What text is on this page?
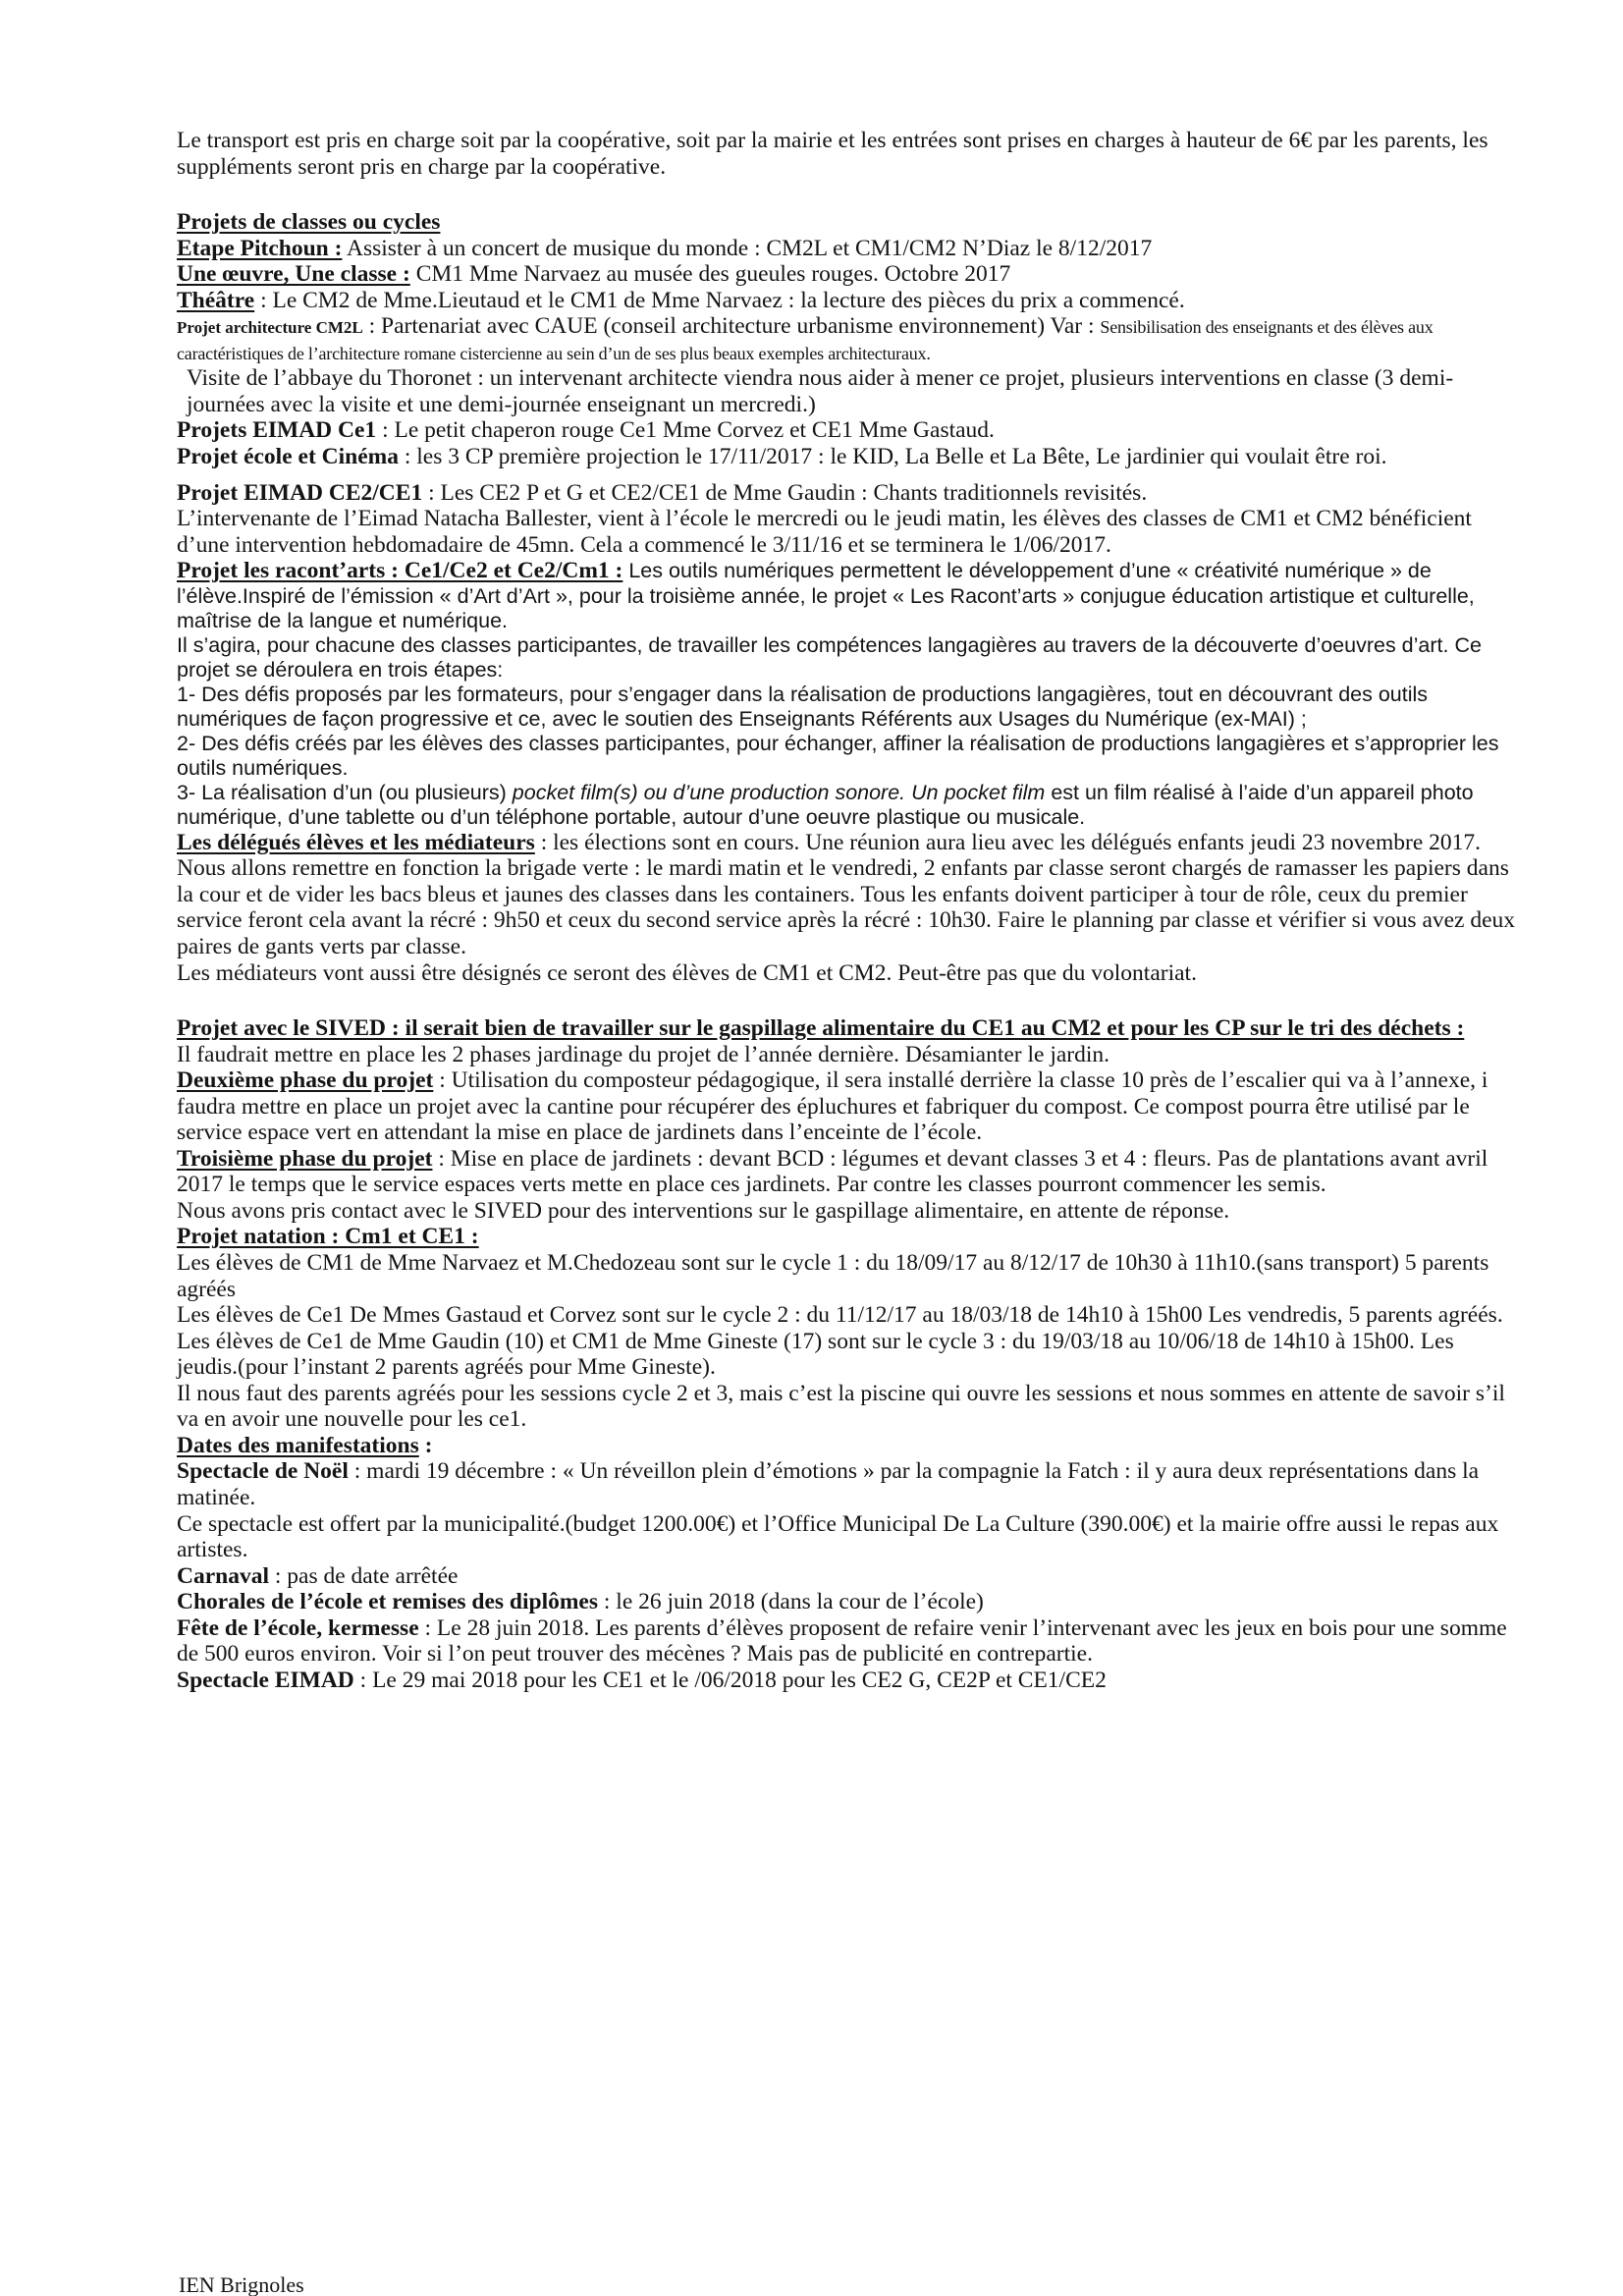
Le transport est pris en charge soit par la coopérative, soit par la mairie et les entrées sont prises en charges à hauteur de 6€ par les parents, les suppléments seront pris en charge par la coopérative.

Projets de classes ou cycles

Etape Pitchoun : Assister à un concert de musique du monde : CM2L et CM1/CM2 N’Diaz le 8/12/2017

Une œuvre, Une classe : CM1 Mme Narvaez au musée des gueules rouges. Octobre 2017

Théâtre : Le CM2 de Mme.Lieutaud et le CM1 de Mme Narvaez : la lecture des pièces du prix a commencé.

Projet architecture CM2L : Partenariat avec CAUE (conseil architecture urbanisme environnement) Var : Sensibilisation des enseignants et des élèves aux caractéristiques de l’architecture romane cistercienne au sein d’un de ses plus beaux exemples architecturaux.

Visite de l’abbaye du Thoronet : un intervenant architecte viendra nous aider à mener ce projet, plusieurs interventions en classe (3 demi-journées avec la visite et une demi-journée enseignant un mercredi.)

Projets EIMAD Ce1 : Le petit chaperon rouge Ce1 Mme Corvez et CE1 Mme Gastaud.

Projet école et Cinéma : les 3 CP première projection le 17/11/2017 : le KID, La Belle et La Bête, Le jardinier qui voulait être roi.

Projet EIMAD CE2/CE1 : Les CE2 P et G et CE2/CE1 de Mme Gaudin : Chants traditionnels revisités.

L’intervenante de l’Eimad Natacha Ballester, vient à l’école le mercredi ou le jeudi matin, les élèves des classes de CM1 et CM2 bénéficient d’une intervention hebdomadaire de 45mn. Cela a commencé le 3/11/16 et se terminera le 1/06/2017.

Projet les racont’arts : Ce1/Ce2 et Ce2/Cm1 : Les outils numériques permettent le développement d’une « créativité numérique » de l’élève.Inspiré de l’émission « d’Art d’Art », pour la troisième année, le projet « Les Racont’arts » conjugue éducation artistique et culturelle, maîtrise de la langue et numérique.

Il s’agira, pour chacune des classes participantes, de travailler les compétences langagières au travers de la découverte d’oeuvres d’art. Ce projet se déroulera en trois étapes:

1- Des défis proposés par les formateurs, pour s’engager dans la réalisation de productions langagières, tout en découvrant des outils numériques de façon progressive et ce, avec le soutien des Enseignants Référents aux Usages du Numérique (ex-MAI) ;

2- Des défis créés par les élèves des classes participantes, pour échanger, affiner la réalisation de productions langagières et s’approprier les outils numériques.

3- La réalisation d’un (ou plusieurs) pocket film(s) ou d’une production sonore. Un pocket film est un film réalisé à l’aide d’un appareil photo numérique, d’une tablette ou d’un téléphone portable, autour d’une oeuvre plastique ou musicale.

Les délégués élèves et les médiateurs : les élections sont en cours. Une réunion aura lieu avec les délégués enfants jeudi 23 novembre 2017.

Nous allons remettre en fonction la brigade verte : le mardi matin et le vendredi, 2 enfants par classe seront chargés de ramasser les papiers dans la cour et de vider les bacs bleus et jaunes des classes dans les containers. Tous les enfants doivent participer à tour de rôle, ceux du premier service feront cela avant la récré : 9h50 et ceux du second service après la récré : 10h30. Faire le planning par classe et vérifier si vous avez deux paires de gants verts par classe.

Les médiateurs vont aussi être désignés ce seront des élèves de CM1 et CM2. Peut-être pas que du volontariat.

Projet avec le SIVED : il serait bien de travailler sur le gaspillage alimentaire du CE1 au CM2 et pour les CP sur le tri des déchets :

Il faudrait mettre en place les 2 phases jardinage du projet de l’année dernière. Désamianter le jardin.

Deuxième phase du projet : Utilisation du composteur pédagogique, il sera installé derrière la classe 10 près de l’escalier qui va à l’annexe, i faudra mettre en place un projet avec la cantine pour récupérer des épluchures et fabriquer du compost. Ce compost pourra être utilisé par le service espace vert en attendant la mise en place de jardinets dans l’enceinte de l’école.

Troisième phase du projet : Mise en place de jardinets : devant BCD : légumes et devant classes 3 et 4 : fleurs. Pas de plantations avant avril 2017 le temps que le service espaces verts mette en place ces jardinets. Par contre les classes pourront commencer les semis.

Nous avons pris contact avec le SIVED pour des interventions sur le gaspillage alimentaire, en attente de réponse.

Projet natation : Cm1 et CE1 :

Les élèves de CM1 de Mme Narvaez et M.Chedozeau sont sur le cycle 1 : du 18/09/17 au 8/12/17 de 10h30 à 11h10.(sans transport) 5 parents agréés

Les élèves de Ce1 De Mmes Gastaud et Corvez sont sur le cycle 2 : du 11/12/17 au 18/03/18 de 14h10 à 15h00 Les vendredis, 5 parents agréés.

Les élèves de Ce1 de Mme Gaudin (10) et CM1 de Mme Gineste (17) sont sur le cycle 3 : du 19/03/18 au 10/06/18 de 14h10 à 15h00. Les jeudis.(pour l’instant 2 parents agréés pour Mme Gineste).

Il nous faut des parents agréés pour les sessions cycle 2 et 3, mais c’est la piscine qui ouvre les sessions et nous sommes en attente de savoir s’il va en avoir une nouvelle pour les ce1.

Dates des manifestations :

Spectacle de Noël : mardi 19 décembre : « Un réveillon plein d’émotions » par la compagnie la Fatch : il y aura deux représentations dans la matinée.

Ce spectacle est offert par la municipalité.(budget 1200.00€) et l’Office Municipal De La Culture (390.00€) et la mairie offre aussi le repas aux artistes.

Carnaval : pas de date arrêtée

Chorales de l’école et remises des diplômes : le 26 juin 2018 (dans la cour de l’école)

Fête de l’école, kermesse : Le 28 juin 2018. Les parents d’élèves proposent de refaire venir l’intervenant avec les jeux en bois pour une somme de 500 euros environ. Voir si l’on peut trouver des mécènes ? Mais pas de publicité en contrepartie.

Spectacle EIMAD : Le 29 mai 2018 pour les CE1 et le /06/2018 pour les CE2 G, CE2P et CE1/CE2

IEN Brignoles
